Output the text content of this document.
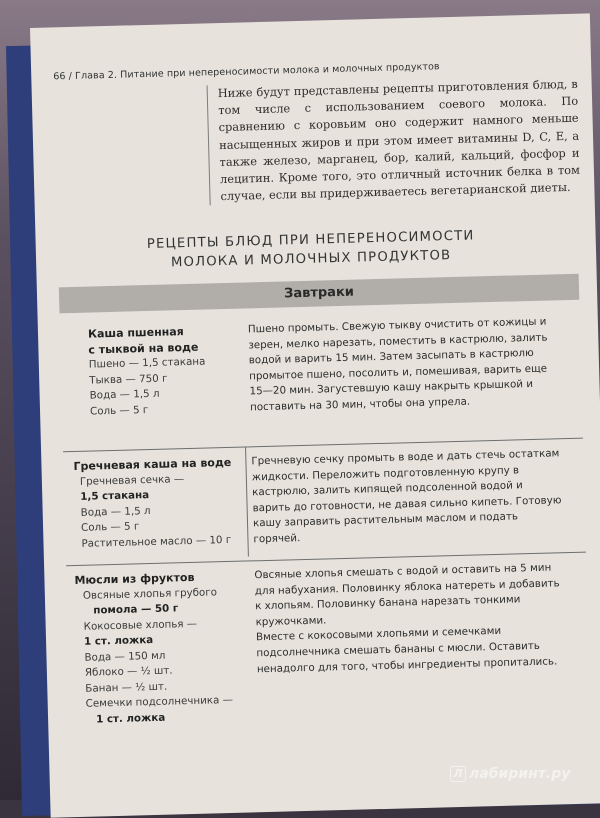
66 / Глава 2. Питание при непереносимости молока и молочных продуктов
Ниже будут представлены рецепты приготовления блюд, в том числе с использованием соевого молока. По сравнению с коровьим оно содержит намного меньше насыщенных жиров и при этом имеет витамины D, C, E, а также железо, марганец, бор, калий, кальций, фосфор и лецитин. Кроме того, это отличный источник белка в том случае, если вы придерживаетесь вегетарианской диеты.
РЕЦЕПТЫ БЛЮД ПРИ НЕПЕРЕНОСИМОСТИ
МОЛОКА И МОЛОЧНЫХ ПРОДУКТОВ
Завтраки
Каша пшенная
с тыквой на воде
Пшено — 1,5 стакана
Тыква — 750 г
Вода — 1,5 л
Соль — 5 г
Пшено промыть. Свежую тыкву очистить от кожицы и зерен, мелко нарезать, поместить в кастрюлю, залить водой и варить 15 мин. Затем засыпать в кастрюлю промытое пшено, посолить и, помешивая, варить еще 15—20 мин. Загустевшую кашу накрыть крышкой и поставить на 30 мин, чтобы она упрела.
Гречневая каша на воде
Гречневая сечка —
1,5 стакана
Вода — 1,5 л
Соль — 5 г
Растительное масло — 10 г
Гречневую сечку промыть в воде и дать стечь остаткам жидкости. Переложить подготовленную крупу в кастрюлю, залить кипящей подсоленной водой и варить до готовности, не давая сильно кипеть. Готовую кашу заправить растительным маслом и подать горячей.
Мюсли из фруктов
Овсяные хлопья грубого
помола — 50 г
Кокосовые хлопья —
1 ст. ложка
Вода — 150 мл
Яблоко — ½ шт.
Банан — ½ шт.
Семечки подсолнечника —
1 ст. ложка

Овсяные хлопья смешать с водой и оставить на 5 мин для набухания. Половинку яблока натереть и добавить к хлопьям. Половинку банана нарезать тонкими кружочками.

Вместе с кокосовыми хлопьями и семечками подсолнечника смешать бананы с мюсли. Оставить ненадолго для того, чтобы ингредиенты пропитались.

Л лабиринт.ру
